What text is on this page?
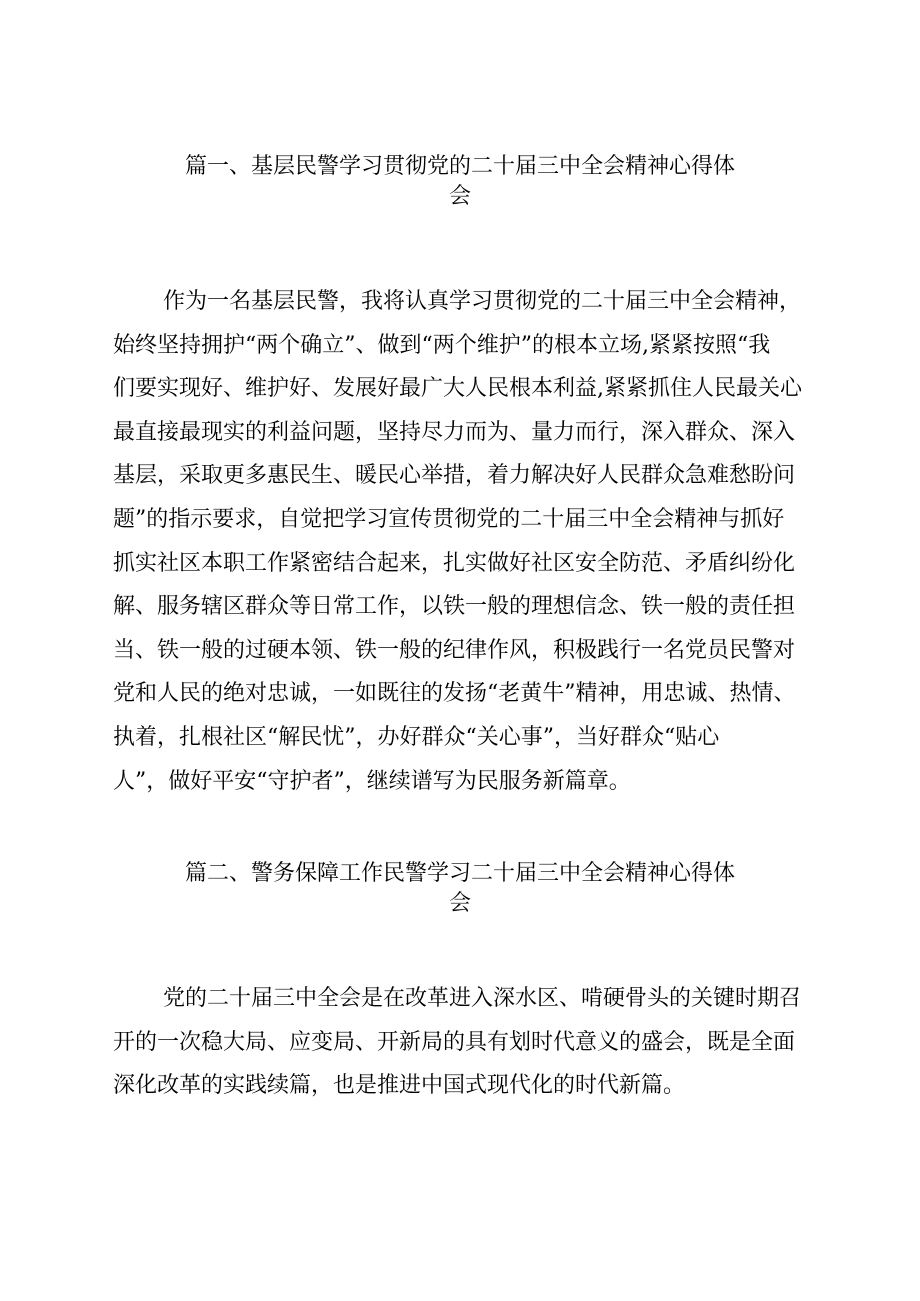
篇一、基层民警学习贯彻党的二十届三中全会精神心得体
会
作为一名基层民警，我将认真学习贯彻党的二十届三中全会精神，
始终坚持拥护“两个确立”、做到“两个维护”的根本立场,紧紧按照“我
们要实现好、维护好、发展好最广大人民根本利益,紧紧抓住人民最关心
最直接最现实的利益问题，坚持尽力而为、量力而行，深入群众、深入
基层，采取更多惠民生、暖民心举措，着力解决好人民群众急难愁盼问
题”的指示要求，自觉把学习宣传贯彻党的二十届三中全会精神与抓好
抓实社区本职工作紧密结合起来，扎实做好社区安全防范、矛盾纠纷化
解、服务辖区群众等日常工作，以铁一般的理想信念、铁一般的责任担
当、铁一般的过硬本领、铁一般的纪律作风，积极践行一名党员民警对
党和人民的绝对忠诚，一如既往的发扬“老黄牛”精神，用忠诚、热情、
执着，扎根社区“解民忧”，办好群众“关心事”，当好群众“贴心
人”，做好平安“守护者”，继续谱写为民服务新篇章。
篇二、警务保障工作民警学习二十届三中全会精神心得体
会
党的二十届三中全会是在改革进入深水区、啃硬骨头的关键时期召
开的一次稳大局、应变局、开新局的具有划时代意义的盛会，既是全面
深化改革的实践续篇，也是推进中国式现代化的时代新篇。
